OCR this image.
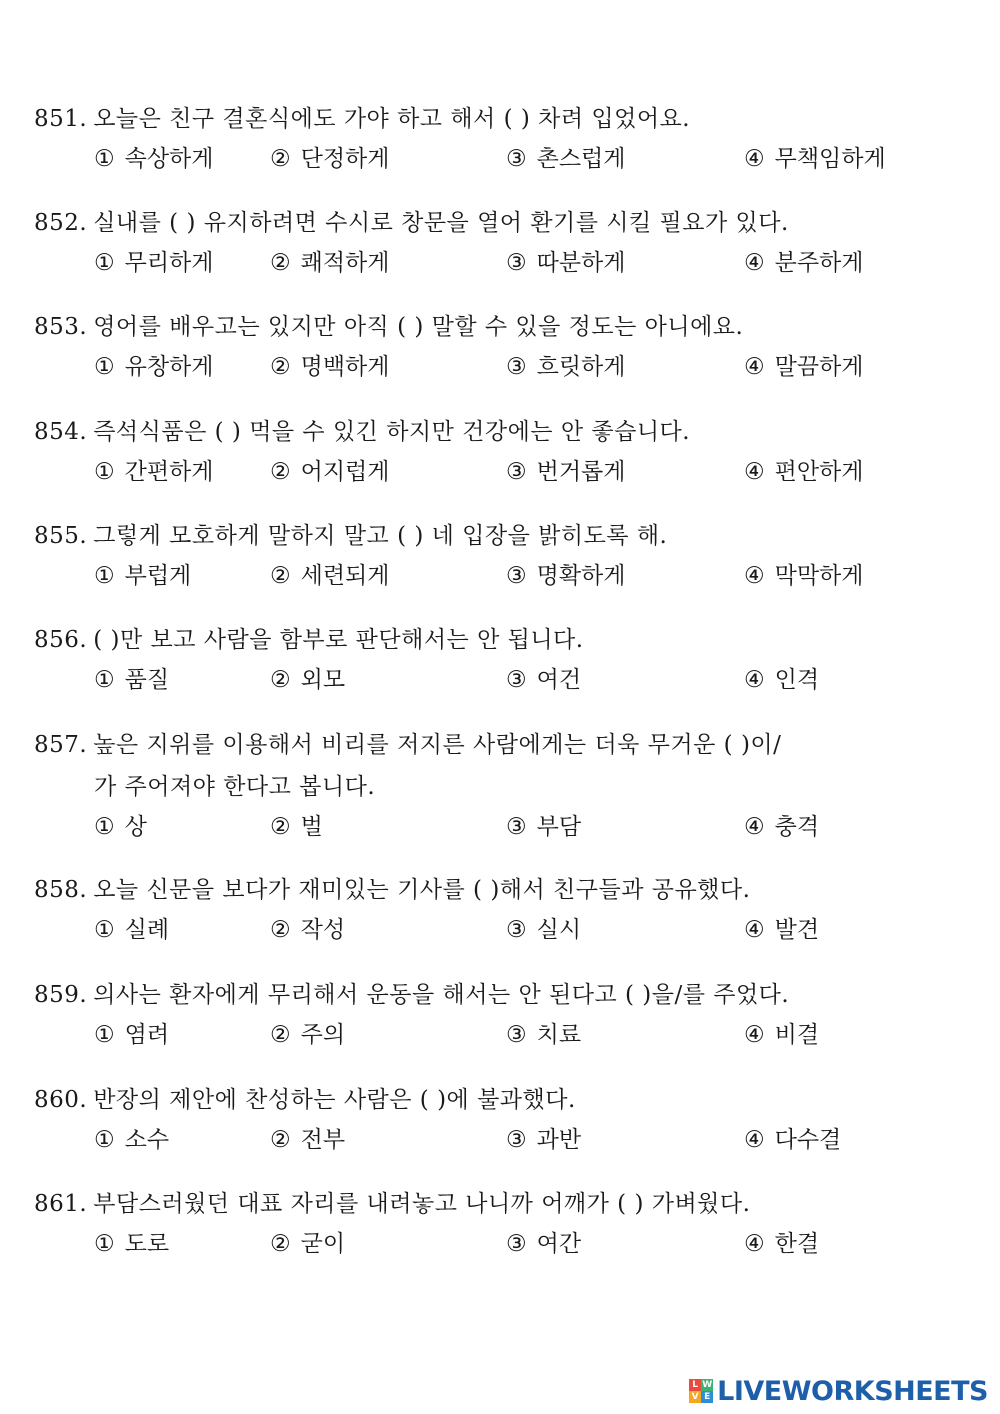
851. 오늘은 친구 결혼식에도 가야 하고 해서 ( ) 차려 입었어요.
① 속상하게 ② 단정하게	③ 촌스럽게	④ 무책임하게
852. 실내를 ( ) 유지하려면 수시로 창문을 열어 환기를 시킬 필요가 있다.
① 무리하게 ② 쾌적하게	③ 따분하게	④ 분주하게
853. 영어를 배우고는 있지만 아직 ( ) 말할 수 있을 정도는 아니에요.
① 유창하게 ② 명백하게	③ 흐릿하게	④ 말끔하게
854. 즉석식품은 ( ) 먹을 수 있긴 하지만 건강에는 안 좋습니다.
① 간편하게 ② 어지럽게	③ 번거롭게	④ 편안하게
855. 그렇게 모호하게 말하지 말고 ( ) 네 입장을 밝히도록 해.
① 부럽게	② 세련되게	③ 명확하게	④ 막막하게
856. ( )만 보고 사람을 함부로 판단해서는 안 됩니다.
① 품질	② 외모	③ 여건	④ 인격
857. 높은 지위를 이용해서 비리를 저지른 사람에게는 더욱 무거운 ( )이/
가 주어져야 한다고 봅니다.
① 상	② 벌	③ 부담	④ 충격
858. 오늘 신문을 보다가 재미있는 기사를 ( )해서 친구들과 공유했다.
① 실례	② 작성	③ 실시	④ 발견
859. 의사는 환자에게 무리해서 운동을 해서는 안 된다고 ( )을/를 주었다.
① 염려	② 주의	③ 치료	④ 비결
860. 반장의 제안에 찬성하는 사람은 ( )에 불과했다.
① 소수	② 전부	③ 과반	④ 다수결
861. 부담스러웠던 대표 자리를 내려놓고 나니까 어깨가 ( ) 가벼웠다.
① 도로	② 굳이	③ 여간	④ 한결
L W
V E LIVEWORKSHEETS
